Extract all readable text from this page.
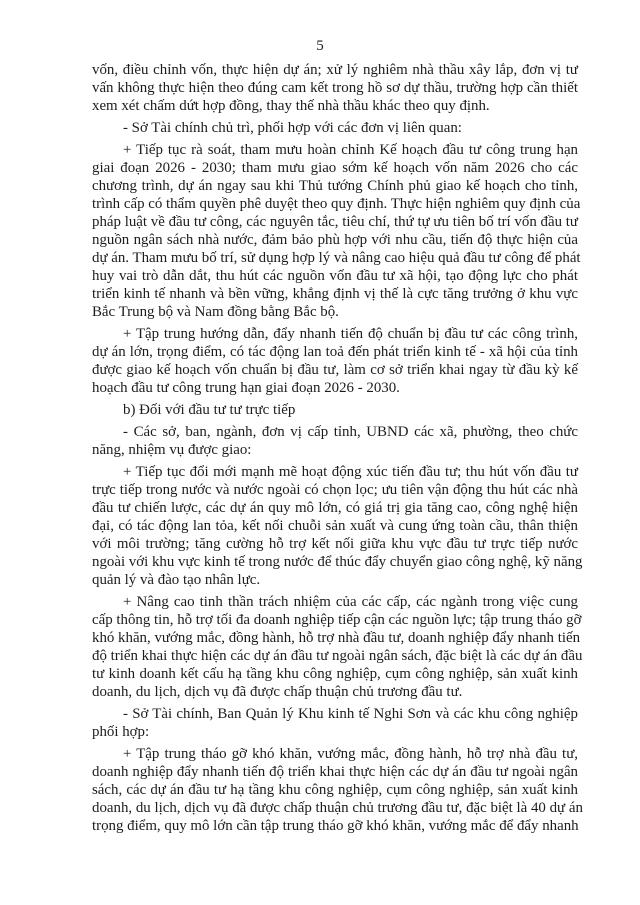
5
vốn, điều chỉnh vốn, thực hiện dự án; xử lý nghiêm nhà thầu xây lắp, đơn vị tư
vấn không thực hiện theo đúng cam kết trong hồ sơ dự thầu, trường hợp cần thiết
xem xét chấm dứt hợp đồng, thay thế nhà thầu khác theo quy định.
- Sở Tài chính chủ trì, phối hợp với các đơn vị liên quan:
+ Tiếp tục rà soát, tham mưu hoàn chỉnh Kế hoạch đầu tư công trung hạn
giai đoạn 2026 - 2030; tham mưu giao sớm kế hoạch vốn năm 2026 cho các
chương trình, dự án ngay sau khi Thủ tướng Chính phủ giao kế hoạch cho tỉnh,
trình cấp có thẩm quyền phê duyệt theo quy định. Thực hiện nghiêm quy định của
pháp luật về đầu tư công, các nguyên tắc, tiêu chí, thứ tự ưu tiên bố trí vốn đầu tư
nguồn ngân sách nhà nước, đảm bảo phù hợp với nhu cầu, tiến độ thực hiện của
dự án. Tham mưu bố trí, sử dụng hợp lý và nâng cao hiệu quả đầu tư công để phát
huy vai trò dẫn dắt, thu hút các nguồn vốn đầu tư xã hội, tạo động lực cho phát
triển kinh tế nhanh và bền vững, khẳng định vị thế là cực tăng trưởng ở khu vực
Bắc Trung bộ và Nam đồng bằng Bắc bộ.
+ Tập trung hướng dẫn, đẩy nhanh tiến độ chuẩn bị đầu tư các công trình,
dự án lớn, trọng điểm, có tác động lan toả đến phát triển kinh tế - xã hội của tỉnh
được giao kế hoạch vốn chuẩn bị đầu tư, làm cơ sở triển khai ngay từ đầu kỳ kế
hoạch đầu tư công trung hạn giai đoạn 2026 - 2030.
b) Đối với đầu tư tư trực tiếp
- Các sở, ban, ngành, đơn vị cấp tỉnh, UBND các xã, phường, theo chức
năng, nhiệm vụ được giao:
+ Tiếp tục đổi mới mạnh mẽ hoạt động xúc tiến đầu tư; thu hút vốn đầu tư
trực tiếp trong nước và nước ngoài có chọn lọc; ưu tiên vận động thu hút các nhà
đầu tư chiến lược, các dự án quy mô lớn, có giá trị gia tăng cao, công nghệ hiện
đại, có tác động lan tỏa, kết nối chuỗi sản xuất và cung ứng toàn cầu, thân thiện
với môi trường; tăng cường hỗ trợ kết nối giữa khu vực đầu tư trực tiếp nước
ngoài với khu vực kinh tế trong nước để thúc đẩy chuyển giao công nghệ, kỹ năng
quản lý và đào tạo nhân lực.
+ Nâng cao tinh thần trách nhiệm của các cấp, các ngành trong việc cung
cấp thông tin, hỗ trợ tối đa doanh nghiệp tiếp cận các nguồn lực; tập trung tháo gỡ
khó khăn, vướng mắc, đồng hành, hỗ trợ nhà đầu tư, doanh nghiệp đẩy nhanh tiến
độ triển khai thực hiện các dự án đầu tư ngoài ngân sách, đặc biệt là các dự án đầu
tư kinh doanh kết cấu hạ tầng khu công nghiệp, cụm công nghiệp, sản xuất kinh
doanh, du lịch, dịch vụ đã được chấp thuận chủ trương đầu tư.
- Sở Tài chính, Ban Quản lý Khu kinh tế Nghi Sơn và các khu công nghiệp
phối hợp:
+ Tập trung tháo gỡ khó khăn, vướng mắc, đồng hành, hỗ trợ nhà đầu tư,
doanh nghiệp đẩy nhanh tiến độ triển khai thực hiện các dự án đầu tư ngoài ngân
sách, các dự án đầu tư hạ tầng khu công nghiệp, cụm công nghiệp, sản xuất kinh
doanh, du lịch, dịch vụ đã được chấp thuận chủ trương đầu tư, đặc biệt là 40 dự án
trọng điểm, quy mô lớn cần tập trung tháo gỡ khó khăn, vướng mắc để đẩy nhanh
